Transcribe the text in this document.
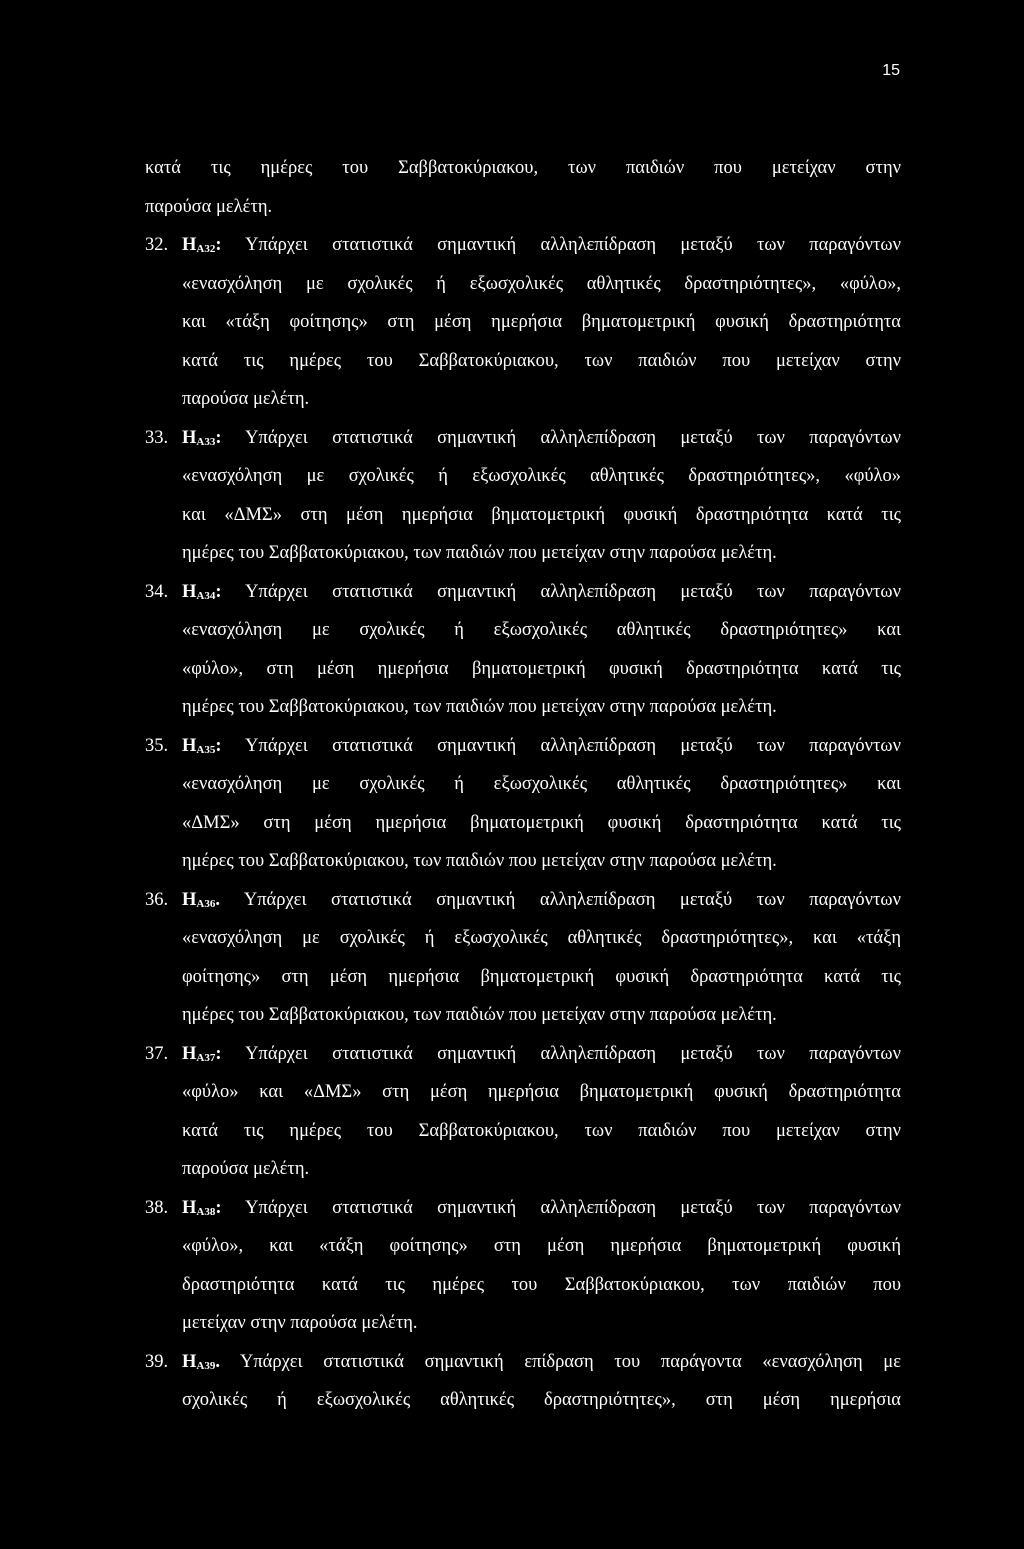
15
κατά τις ημέρες του Σαββατοκύριακου, των παιδιών που μετείχαν στην
παρούσα μελέτη.
32. $H_{A32}$: Υπάρχει στατιστικά σημαντική αλληλεπίδραση μεταξύ των παραγόντων
«ενασχόληση με σχολικές ή εξωσχολικές αθλητικές δραστηριότητες», «φύλο»,
και «τάξη φοίτησης» στη μέση ημερήσια βηματομετρική φυσική δραστηριότητα
κατά τις ημέρες του Σαββατοκύριακου, των παιδιών που μετείχαν στην
παρούσα μελέτη.
33. $H_{A33}$: Υπάρχει στατιστικά σημαντική αλληλεπίδραση μεταξύ των παραγόντων
«ενασχόληση με σχολικές ή εξωσχολικές αθλητικές δραστηριότητες», «φύλο»
και «ΔΜΣ» στη μέση ημερήσια βηματομετρική φυσική δραστηριότητα κατά τις
ημέρες του Σαββατοκύριακου, των παιδιών που μετείχαν στην παρούσα μελέτη.
34. $H_{A34}$: Υπάρχει στατιστικά σημαντική αλληλεπίδραση μεταξύ των παραγόντων
«ενασχόληση με σχολικές ή εξωσχολικές αθλητικές δραστηριότητες» και
«φύλο», στη μέση ημερήσια βηματομετρική φυσική δραστηριότητα κατά τις
ημέρες του Σαββατοκύριακου, των παιδιών που μετείχαν στην παρούσα μελέτη.
35. $H_{A35}$: Υπάρχει στατιστικά σημαντική αλληλεπίδραση μεταξύ των παραγόντων
«ενασχόληση με σχολικές ή εξωσχολικές αθλητικές δραστηριότητες» και
«ΔΜΣ» στη μέση ημερήσια βηματομετρική φυσική δραστηριότητα κατά τις
ημέρες του Σαββατοκύριακου, των παιδιών που μετείχαν στην παρούσα μελέτη.
36. $H_{A36}$. Υπάρχει στατιστικά σημαντική αλληλεπίδραση μεταξύ των παραγόντων
«ενασχόληση με σχολικές ή εξωσχολικές αθλητικές δραστηριότητες», και «τάξη
φοίτησης» στη μέση ημερήσια βηματομετρική φυσική δραστηριότητα κατά τις
ημέρες του Σαββατοκύριακου, των παιδιών που μετείχαν στην παρούσα μελέτη.
37. $H_{A37}$: Υπάρχει στατιστικά σημαντική αλληλεπίδραση μεταξύ των παραγόντων
«φύλο» και «ΔΜΣ» στη μέση ημερήσια βηματομετρική φυσική δραστηριότητα
κατά τις ημέρες του Σαββατοκύριακου, των παιδιών που μετείχαν στην
παρούσα μελέτη.
38. $H_{A38}$: Υπάρχει στατιστικά σημαντική αλληλεπίδραση μεταξύ των παραγόντων
«φύλο», και «τάξη φοίτησης» στη μέση ημερήσια βηματομετρική φυσική
δραστηριότητα κατά τις ημέρες του Σαββατοκύριακου, των παιδιών που
μετείχαν στην παρούσα μελέτη.
39. $H_{A39}$. Υπάρχει στατιστικά σημαντική επίδραση του παράγοντα «ενασχόληση με
σχολικές ή εξωσχολικές αθλητικές δραστηριότητες», στη μέση ημερήσια
